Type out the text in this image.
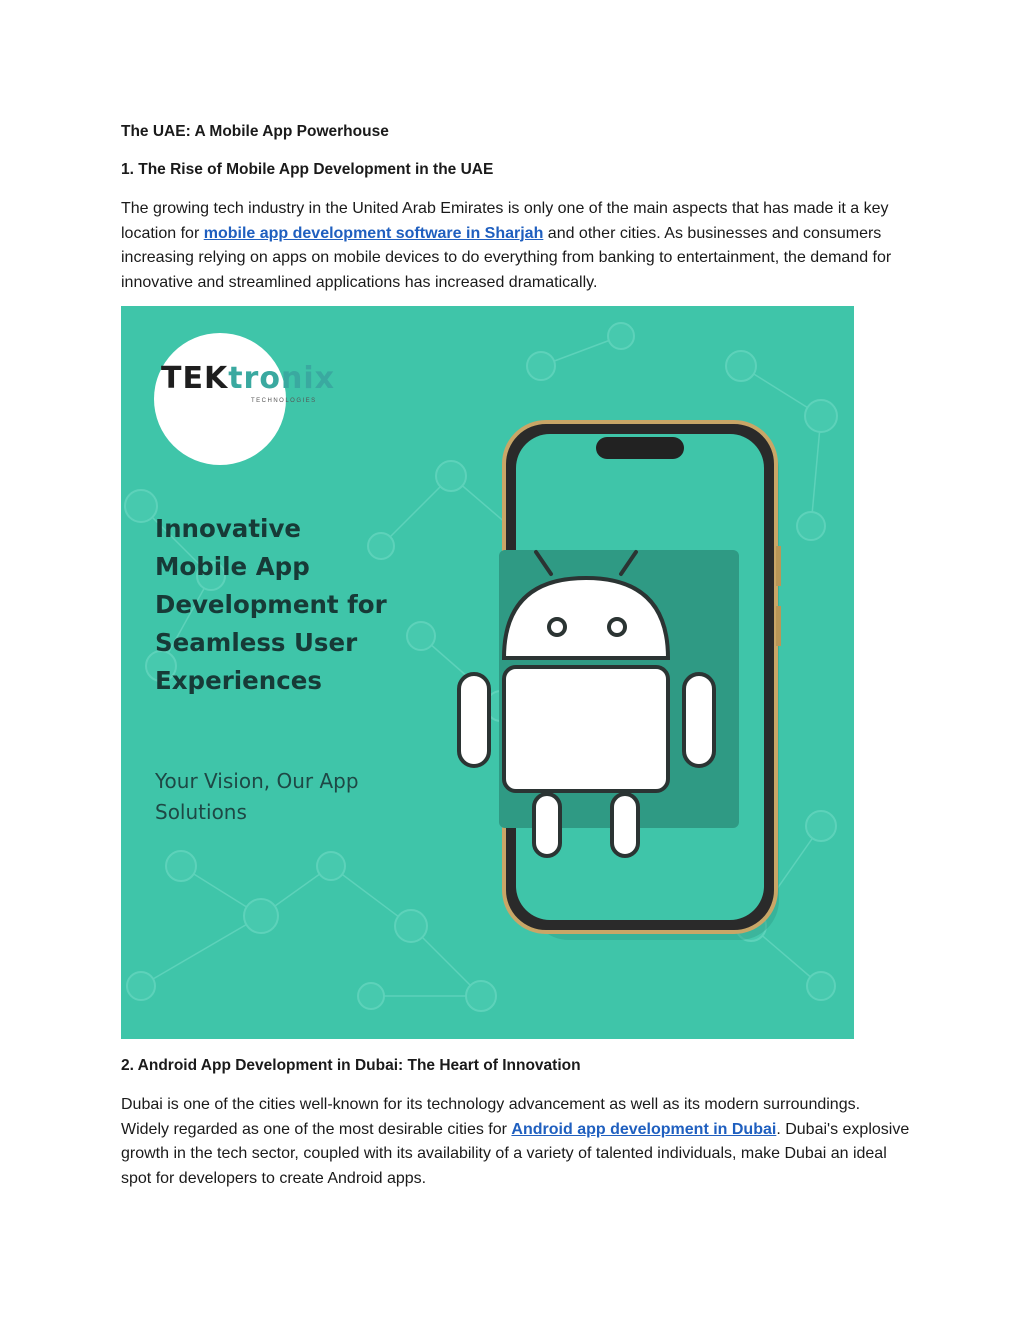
The UAE: A Mobile App Powerhouse
1. The Rise of Mobile App Development in the UAE

The growing tech industry in the United Arab Emirates is only one of the main aspects that has made it a key location for mobile app development software in Sharjah and other cities. As businesses and consumers increasing relying on apps on mobile devices to do everything from banking to entertainment, the demand for innovative and streamlined applications has increased dramatically.

TEKtronix
TECHNOLOGIES
Innovative Mobile App Development for Seamless User Experiences
Your Vision, Our App Solutions
2. Android App Development in Dubai: The Heart of Innovation

Dubai is one of the cities well-known for its technology advancement as well as its modern surroundings. Widely regarded as one of the most desirable cities for Android app development in Dubai. Dubai's explosive growth in the tech sector, coupled with its availability of a variety of talented individuals, make Dubai an ideal spot for developers to create Android apps.
